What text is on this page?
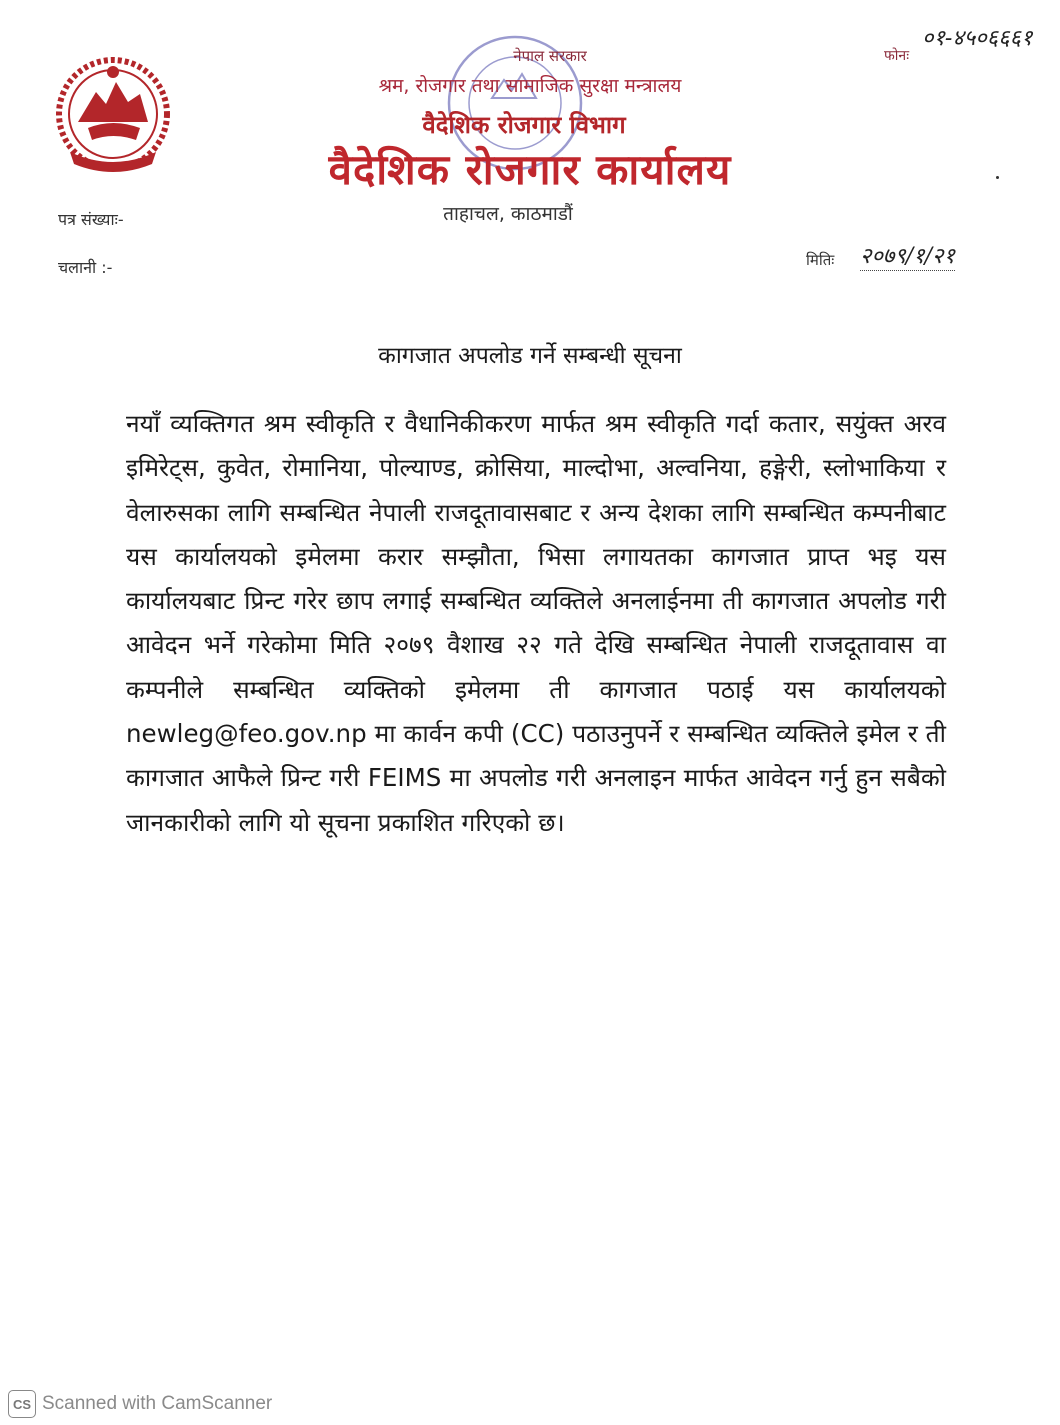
नेपाल सरकार
श्रम, रोजगार तथा सामाजिक सुरक्षा मन्त्रालय
वैदेशिक रोजगार विभाग
वैदेशिक रोजगार कार्यालय
ताहाचल, काठमाडौं
फोनः
०१-४५०६६६१
पत्र संख्याः-
चलानी :-	मितिः २०७९/१/२१
कागजात अपलोड गर्ने सम्बन्धी सूचना
नयाँ व्यक्तिगत श्रम स्वीकृति र वैधानिकीकरण मार्फत श्रम स्वीकृति गर्दा कतार, सयुंक्त अरव इमिरेट्स, कुवेत, रोमानिया, पोल्याण्ड, क्रोसिया, माल्दोभा, अल्वनिया, हङ्गेरी, स्लोभाकिया र वेलारुसका लागि सम्बन्धित नेपाली राजदूतावासबाट र अन्य देशका लागि सम्बन्धित कम्पनीबाट यस कार्यालयको इमेलमा करार सम्झौता, भिसा लगायतका कागजात प्राप्त भइ यस कार्यालयबाट प्रिन्ट गरेर छाप लगाई सम्बन्धित व्यक्तिले अनलाईनमा ती कागजात अपलोड गरी आवेदन भर्ने गरेकोमा मिति २०७९ वैशाख २२ गते देखि सम्बन्धित नेपाली राजदूतावास वा कम्पनीले सम्बन्धित व्यक्तिको इमेलमा ती कागजात पठाई यस कार्यालयको newleg@feo.gov.np मा कार्वन कपी (CC) पठाउनुपर्ने र सम्बन्धित व्यक्तिले इमेल र ती कागजात आफैले प्रिन्ट गरी FEIMS मा अपलोड गरी अनलाइन मार्फत आवेदन गर्नु हुन सबैको जानकारीको लागि यो सूचना प्रकाशित गरिएको छ।
CS Scanned with CamScanner
